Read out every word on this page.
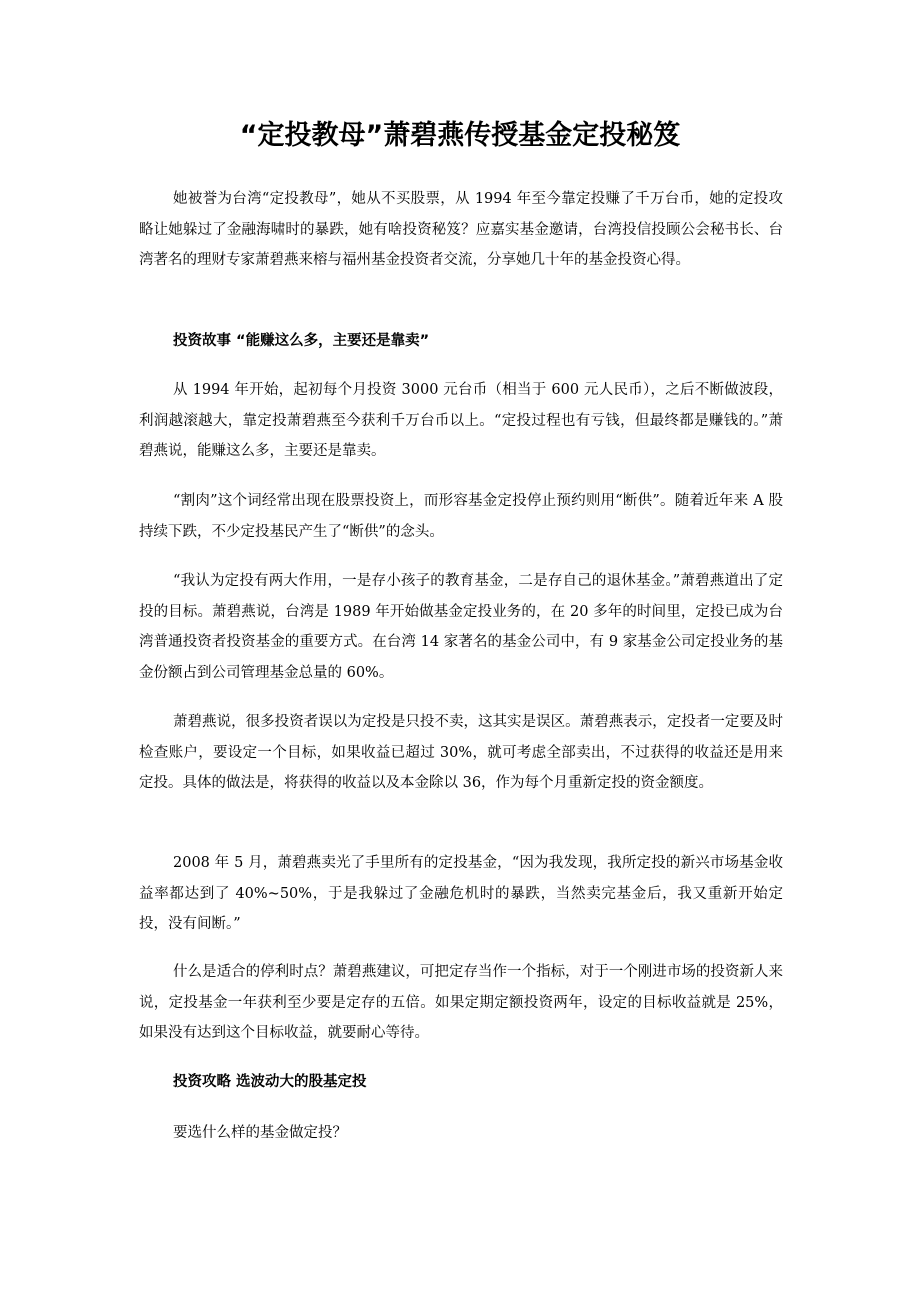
“定投教母”萧碧燕传授基金定投秘笈

她被誉为台湾“定投教母”，她从不买股票，从 1994 年至今靠定投赚了千万台币，她的定投攻略让她躲过了金融海啸时的暴跌，她有啥投资秘笈？应嘉实基金邀请，台湾投信投顾公会秘书长、台湾著名的理财专家萧碧燕来榕与福州基金投资者交流，分享她几十年的基金投资心得。

投资故事 “能赚这么多，主要还是靠卖”

从 1994 年开始，起初每个月投资 3000 元台币（相当于 600 元人民币），之后不断做波段，利润越滚越大，靠定投萧碧燕至今获利千万台币以上。“定投过程也有亏钱，但最终都是赚钱的。”萧碧燕说，能赚这么多，主要还是靠卖。

“割肉”这个词经常出现在股票投资上，而形容基金定投停止预约则用“断供”。随着近年来 A 股持续下跌，不少定投基民产生了“断供”的念头。

“我认为定投有两大作用，一是存小孩子的教育基金，二是存自己的退休基金。”萧碧燕道出了定投的目标。萧碧燕说，台湾是 1989 年开始做基金定投业务的，在 20 多年的时间里，定投已成为台湾普通投资者投资基金的重要方式。在台湾 14 家著名的基金公司中，有 9 家基金公司定投业务的基金份额占到公司管理基金总量的 60%。

萧碧燕说，很多投资者误以为定投是只投不卖，这其实是误区。萧碧燕表示，定投者一定要及时检查账户，要设定一个目标，如果收益已超过 30%，就可考虑全部卖出，不过获得的收益还是用来定投。具体的做法是，将获得的收益以及本金除以 36，作为每个月重新定投的资金额度。

2008 年 5 月，萧碧燕卖光了手里所有的定投基金，“因为我发现，我所定投的新兴市场基金收益率都达到了 40%~50%，于是我躲过了金融危机时的暴跌，当然卖完基金后，我又重新开始定投，没有间断。”

什么是适合的停利时点？萧碧燕建议，可把定存当作一个指标，对于一个刚进市场的投资新人来说，定投基金一年获利至少要是定存的五倍。如果定期定额投资两年，设定的目标收益就是 25%，如果没有达到这个目标收益，就要耐心等待。

投资攻略 选波动大的股基定投

要选什么样的基金做定投？
